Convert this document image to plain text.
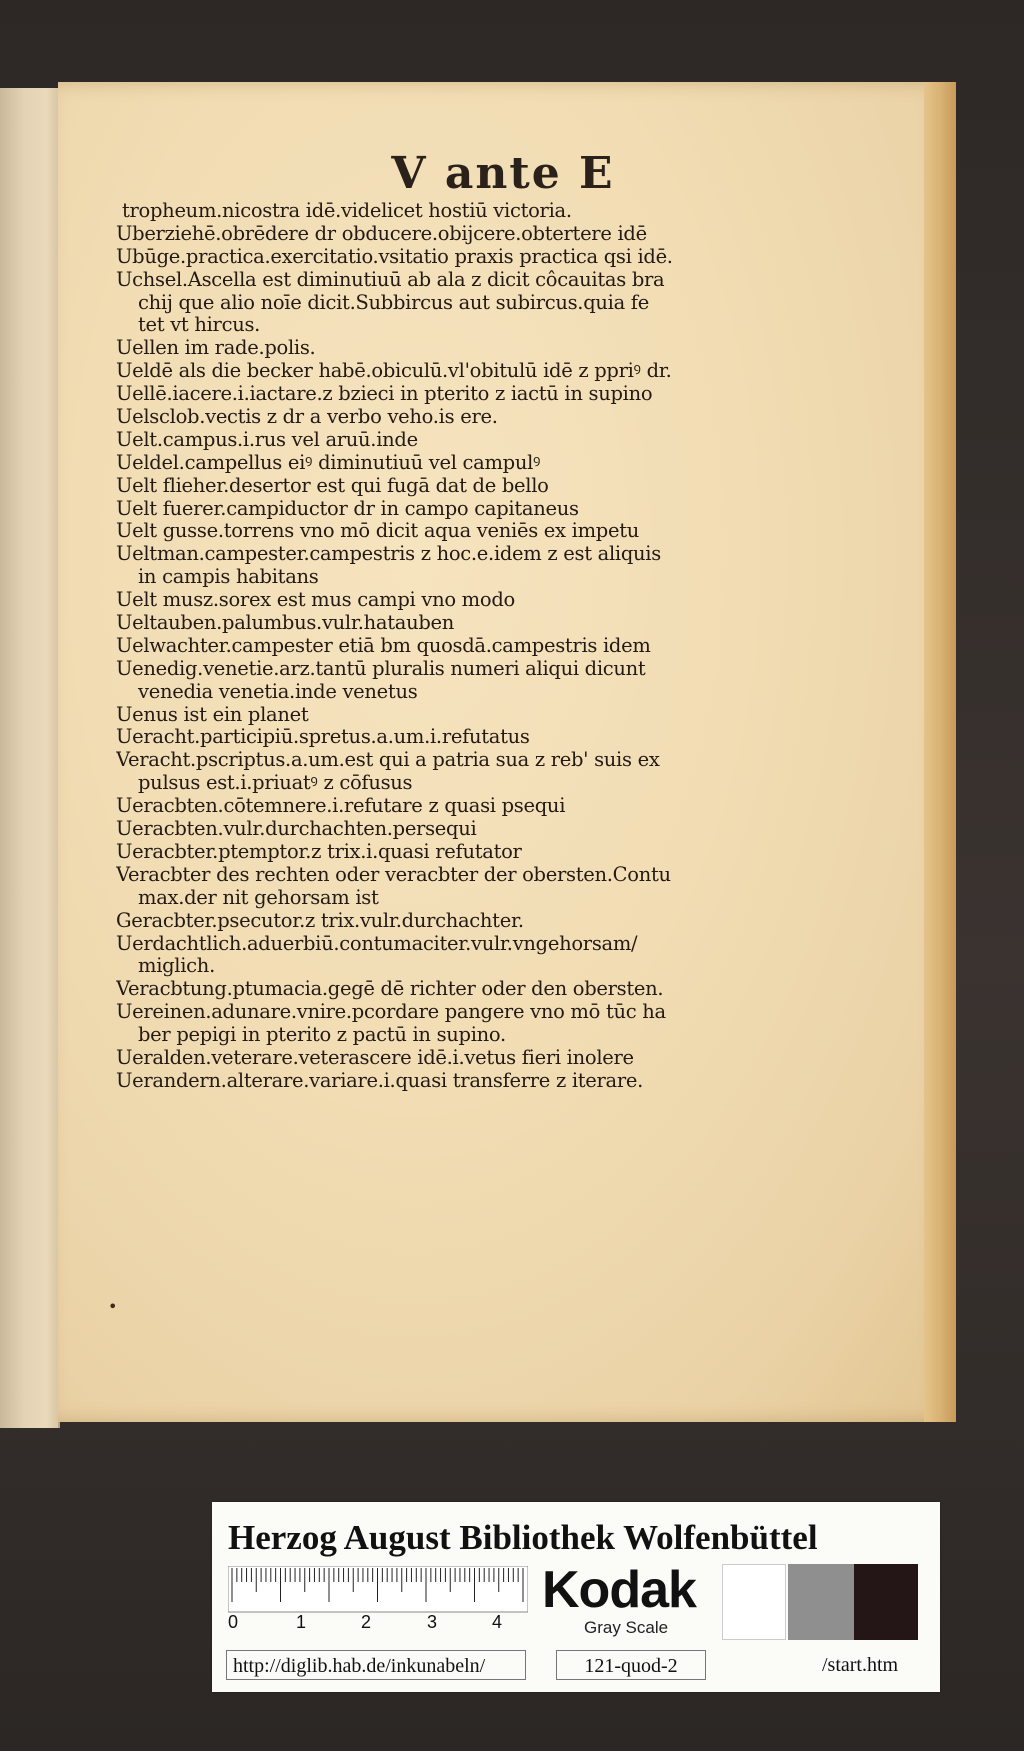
V ante E
trophеum.nicostra idē.videlicet hostiū victoria.
Uberziehē.obrēdere dr obducere.obijcere.obtertere idē
Ubūge.practica.exercitatio.vsitatio praxis practica qsi idē.
Uchsel.Ascella est diminutiuū ab ala z dicit côcauitas bra
chij que alio noīe dicit.Subbircus aut subircus.quia fe
tet vt hircus.
Uellen im rade.polis.
Ueldē als die becker habē.obiculū.vl'obitulū idē z ppriꝰ dr.
Uellē.iacere.i.iactare.z bzieci in pterito z iactū in supino
Uelsclob.vectis z dr a verbo veho.is ere.
Uelt.campus.i.rus vel aruū.inde
Ueldel.campellus eiꝰ diminutiuū vel campulꝰ
Uelt flieher.desertor est qui fugā dat de bello
Uelt fuerer.campiductor dr in campo capitaneus
Uelt gusse.torrens vno mō dicit aqua veniēs ex impetu
Ueltman.campester.campestris z hoc.e.idem z est aliquis
in campis habitans
Uelt musz.sorex est mus campi vno modo
Ueltauben.palumbus.vulr.hatauben
Uelwachter.campester etiā bm quosdā.campestris idem
Uenedig.venetie.arz.tantū pluralis numeri aliqui dicunt
venedia venetia.inde venetus
Uenus ist ein planet
Ueracht.participiū.spretus.a.um.i.refutatus
Veracht.pscriptus.a.um.est qui a patria sua z reb' suis ex
pulsus est.i.priuatꝰ z cōfusus
Ueracbten.cōtemnere.i.refutare z quasi psequi
Ueracbten.vulr.durchachten.persequi
Ueracbter.ptemptor.z trix.i.quasi refutator
Veracbter des rechten oder veracbter der obersten.Contu
max.der nit gehorsam ist
Geracbter.psecutor.z trix.vulr.durchachter.
Uerdachtlich.aduerbiū.contumaciter.vulr.vngehorsam/
miglich.
Veracbtung.ptumacia.gegē dē richter oder den obersten.
Uereinen.adunare.vnire.pcordare pangere vno mō tūc ha
ber pepigi in pterito z pactū in supino.
Ueralden.veterare.veterascere idē.i.vetus fieri inolere
Uerandern.alterare.variare.i.quasi transferre z iterare.
•
Herzog August Bibliothek Wolfenbüttel
0	1	2	3	4
Kodak
Gray Scale
http://diglib.hab.de/inkunabeln/	121-quod-2	/start.htm
